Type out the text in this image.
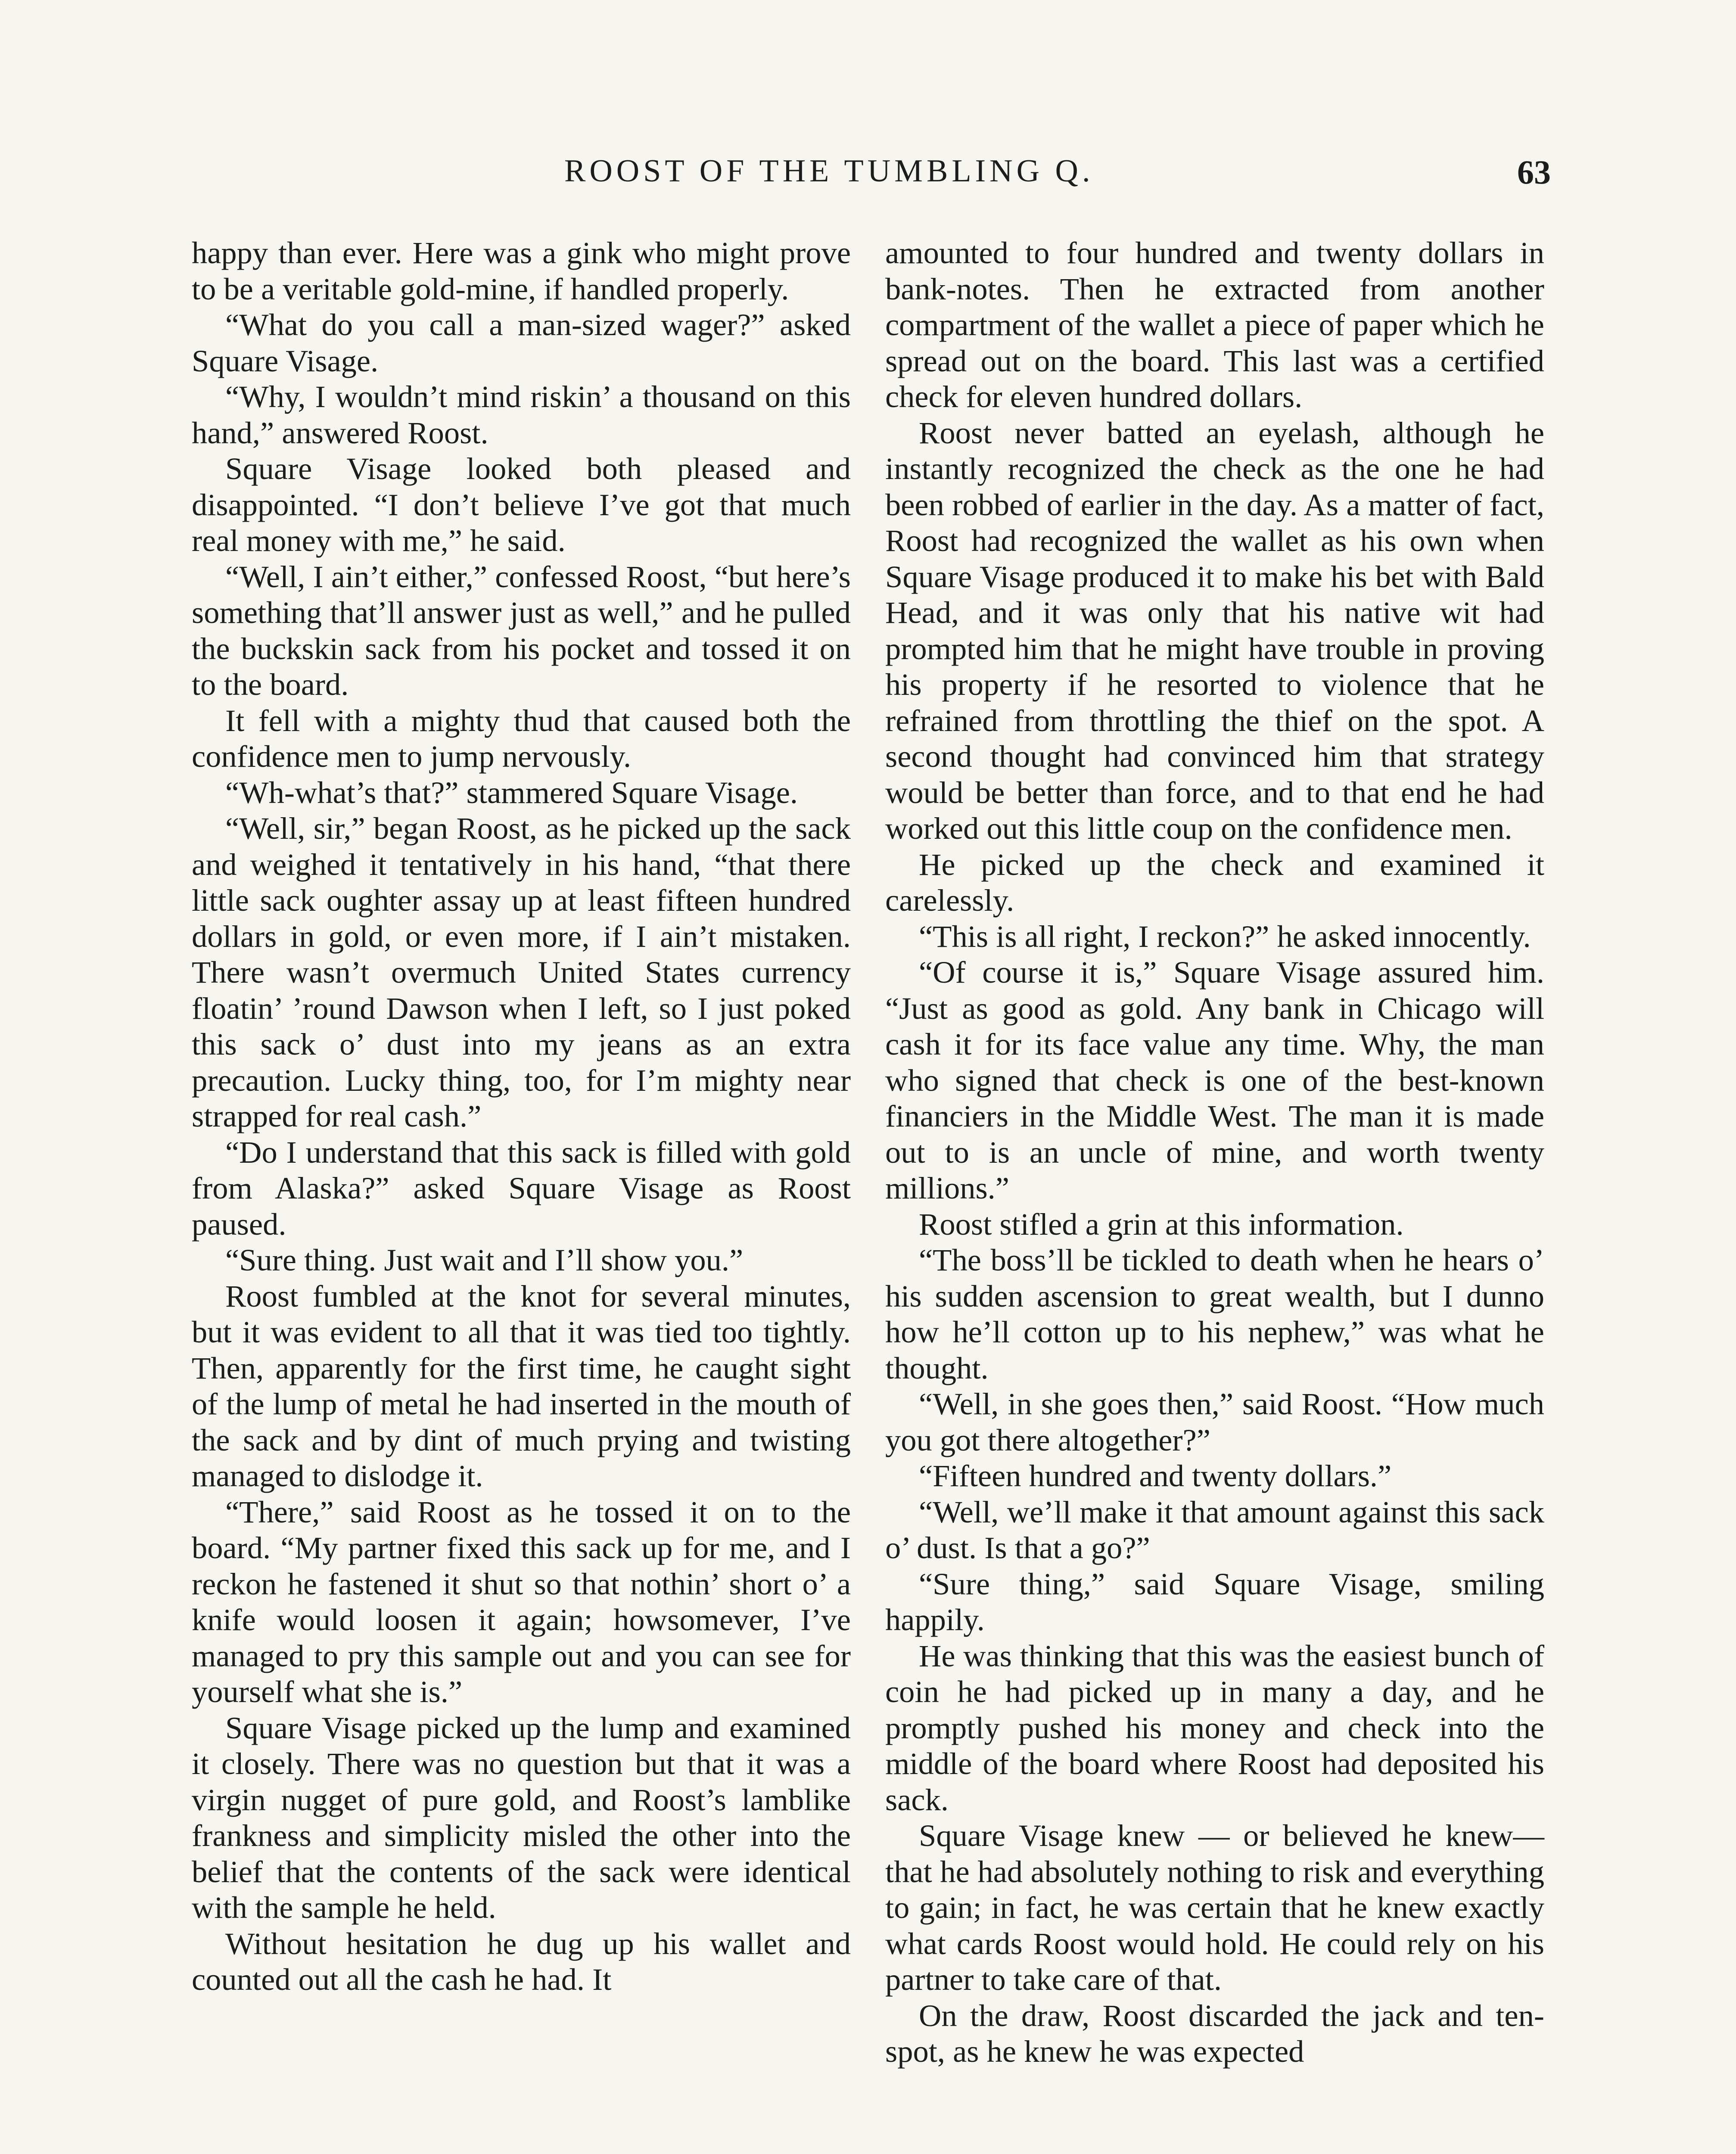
ROOST OF THE TUMBLING Q.	63

happy than ever. Here was a gink who might prove to be a veritable gold-mine, if handled properly.

“What do you call a man-sized wager?” asked Square Visage.

“Why, I wouldn’t mind riskin’ a thousand on this hand,” answered Roost.

Square Visage looked both pleased and disappointed. “I don’t believe I’ve got that much real money with me,” he said.

“Well, I ain’t either,” confessed Roost, “but here’s something that’ll answer just as well,” and he pulled the buckskin sack from his pocket and tossed it on to the board.

It fell with a mighty thud that caused both the confidence men to jump nervously.

“Wh-what’s that?” stammered Square Visage.

“Well, sir,” began Roost, as he picked up the sack and weighed it tentatively in his hand, “that there little sack oughter assay up at least fifteen hundred dollars in gold, or even more, if I ain’t mistaken. There wasn’t overmuch United States currency floatin’ ’round Dawson when I left, so I just poked this sack o’ dust into my jeans as an extra precaution. Lucky thing, too, for I’m mighty near strapped for real cash.”

“Do I understand that this sack is filled with gold from Alaska?” asked Square Visage as Roost paused.

“Sure thing. Just wait and I’ll show you.”

Roost fumbled at the knot for several minutes, but it was evident to all that it was tied too tightly. Then, apparently for the first time, he caught sight of the lump of metal he had inserted in the mouth of the sack and by dint of much prying and twisting managed to dislodge it.

“There,” said Roost as he tossed it on to the board. “My partner fixed this sack up for me, and I reckon he fastened it shut so that nothin’ short o’ a knife would loosen it again; howsomever, I’ve managed to pry this sample out and you can see for yourself what she is.”

Square Visage picked up the lump and examined it closely. There was no question but that it was a virgin nugget of pure gold, and Roost’s lamblike frankness and simplicity misled the other into the belief that the contents of the sack were identical with the sample he held.

Without hesitation he dug up his wallet and counted out all the cash he had. It

amounted to four hundred and twenty dollars in bank-notes. Then he extracted from another compartment of the wallet a piece of paper which he spread out on the board. This last was a certified check for eleven hundred dollars.

Roost never batted an eyelash, although he instantly recognized the check as the one he had been robbed of earlier in the day. As a matter of fact, Roost had recognized the wallet as his own when Square Visage produced it to make his bet with Bald Head, and it was only that his native wit had prompted him that he might have trouble in proving his property if he resorted to violence that he refrained from throttling the thief on the spot. A second thought had convinced him that strategy would be better than force, and to that end he had worked out this little coup on the confidence men.

He picked up the check and examined it carelessly.

“This is all right, I reckon?” he asked innocently.

“Of course it is,” Square Visage assured him. “Just as good as gold. Any bank in Chicago will cash it for its face value any time. Why, the man who signed that check is one of the best-known financiers in the Middle West. The man it is made out to is an uncle of mine, and worth twenty millions.”

Roost stifled a grin at this information.

“The boss’ll be tickled to death when he hears o’ his sudden ascension to great wealth, but I dunno how he’ll cotton up to his nephew,” was what he thought.

“Well, in she goes then,” said Roost. “How much you got there altogether?”

“Fifteen hundred and twenty dollars.”

“Well, we’ll make it that amount against this sack o’ dust. Is that a go?”

“Sure thing,” said Square Visage, smiling happily.

He was thinking that this was the easiest bunch of coin he had picked up in many a day, and he promptly pushed his money and check into the middle of the board where Roost had deposited his sack.

Square Visage knew — or believed he knew—that he had absolutely nothing to risk and everything to gain; in fact, he was certain that he knew exactly what cards Roost would hold. He could rely on his partner to take care of that.

On the draw, Roost discarded the jack and ten-spot, as he knew he was expected
